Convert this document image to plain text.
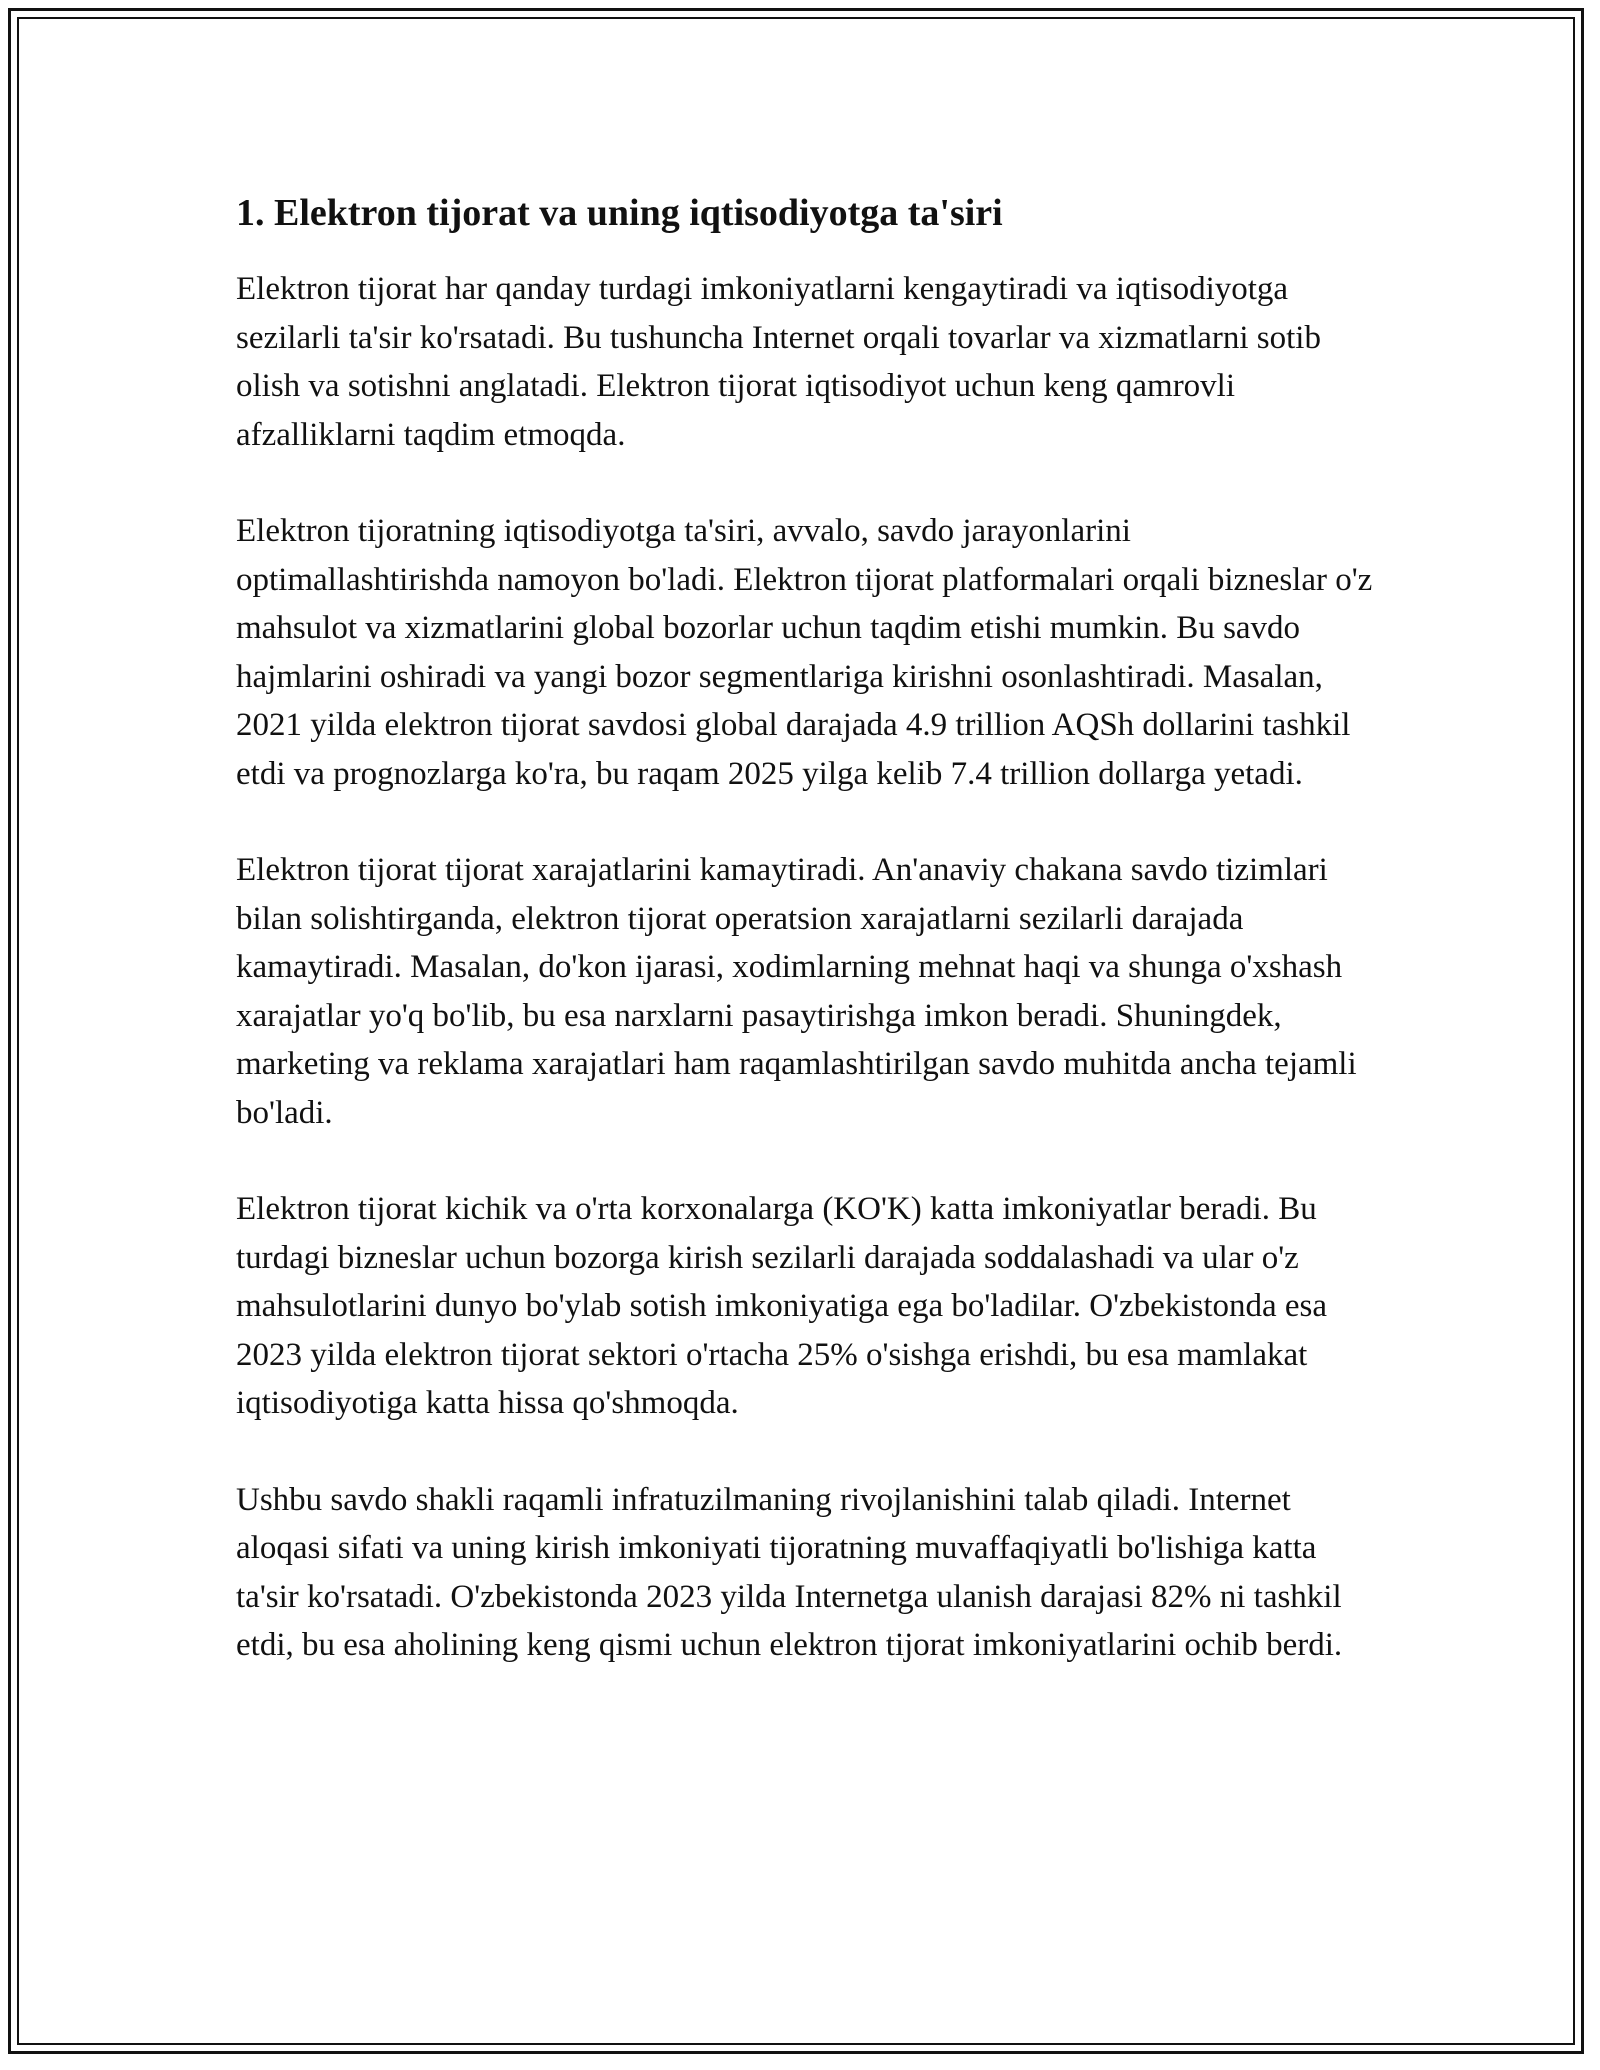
1. Elektron tijorat va uning iqtisodiyotga ta'siri

Elektron tijorat har qanday turdagi imkoniyatlarni kengaytiradi va iqtisodiyotga sezilarli ta'sir ko'rsatadi. Bu tushuncha Internet orqali tovarlar va xizmatlarni sotib olish va sotishni anglatadi. Elektron tijorat iqtisodiyot uchun keng qamrovli afzalliklarni taqdim etmoqda.

Elektron tijoratning iqtisodiyotga ta'siri, avvalo, savdo jarayonlarini optimallashtirishda namoyon bo'ladi. Elektron tijorat platformalari orqali bizneslar o'z mahsulot va xizmatlarini global bozorlar uchun taqdim etishi mumkin. Bu savdo hajmlarini oshiradi va yangi bozor segmentlariga kirishni osonlashtiradi. Masalan, 2021 yilda elektron tijorat savdosi global darajada 4.9 trillion AQSh dollarini tashkil etdi va prognozlarga ko'ra, bu raqam 2025 yilga kelib 7.4 trillion dollarga yetadi.

Elektron tijorat tijorat xarajatlarini kamaytiradi. An'anaviy chakana savdo tizimlari bilan solishtirganda, elektron tijorat operatsion xarajatlarni sezilarli darajada kamaytiradi. Masalan, do'kon ijarasi, xodimlarning mehnat haqi va shunga o'xshash xarajatlar yo'q bo'lib, bu esa narxlarni pasaytirishga imkon beradi. Shuningdek, marketing va reklama xarajatlari ham raqamlashtirilgan savdo muhitda ancha tejamli bo'ladi.

Elektron tijorat kichik va o'rta korxonalarga (KO'K) katta imkoniyatlar beradi. Bu turdagi bizneslar uchun bozorga kirish sezilarli darajada soddalashadi va ular o'z mahsulotlarini dunyo bo'ylab sotish imkoniyatiga ega bo'ladilar. O'zbekistonda esa 2023 yilda elektron tijorat sektori o'rtacha 25% o'sishga erishdi, bu esa mamlakat iqtisodiyotiga katta hissa qo'shmoqda.

Ushbu savdo shakli raqamli infratuzilmaning rivojlanishini talab qiladi. Internet aloqasi sifati va uning kirish imkoniyati tijoratning muvaffaqiyatli bo'lishiga katta ta'sir ko'rsatadi. O'zbekistonda 2023 yilda Internetga ulanish darajasi 82% ni tashkil etdi, bu esa aholining keng qismi uchun elektron tijorat imkoniyatlarini ochib berdi.
